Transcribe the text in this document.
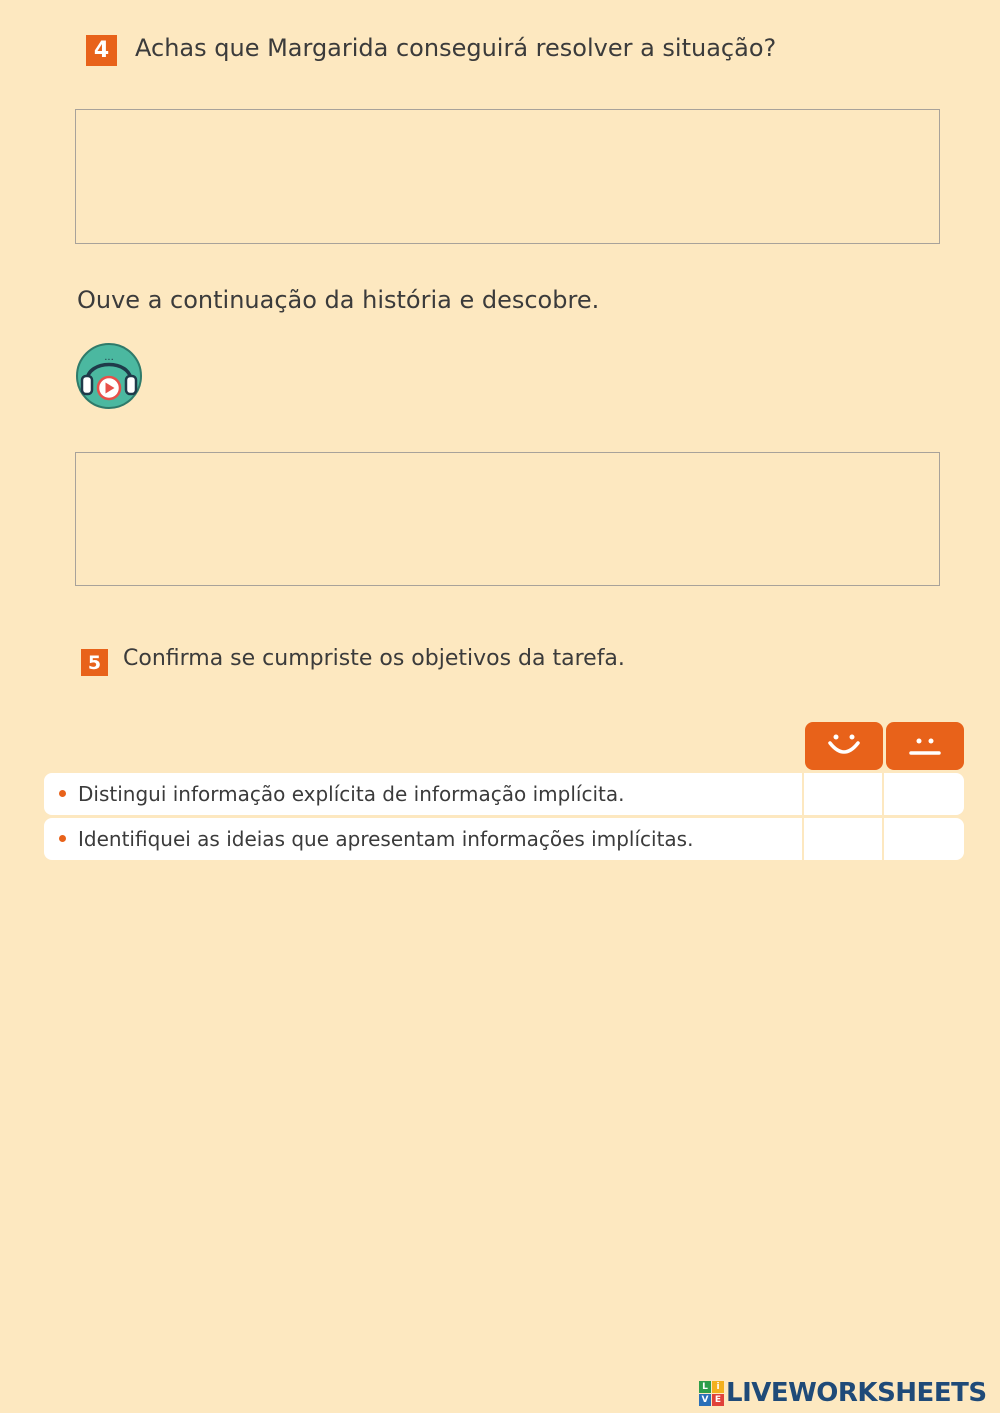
4	Achas que Margarida conseguirá resolver a situação?
Ouve a continuação da história e descobre.
...
5 Confirma se cumpriste os objetivos da tarefa.
Distingui informação explícita de informação implícita.
Identifiquei as ideias que apresentam informações implícitas.
L i
V E LIVEWORKSHEETS
